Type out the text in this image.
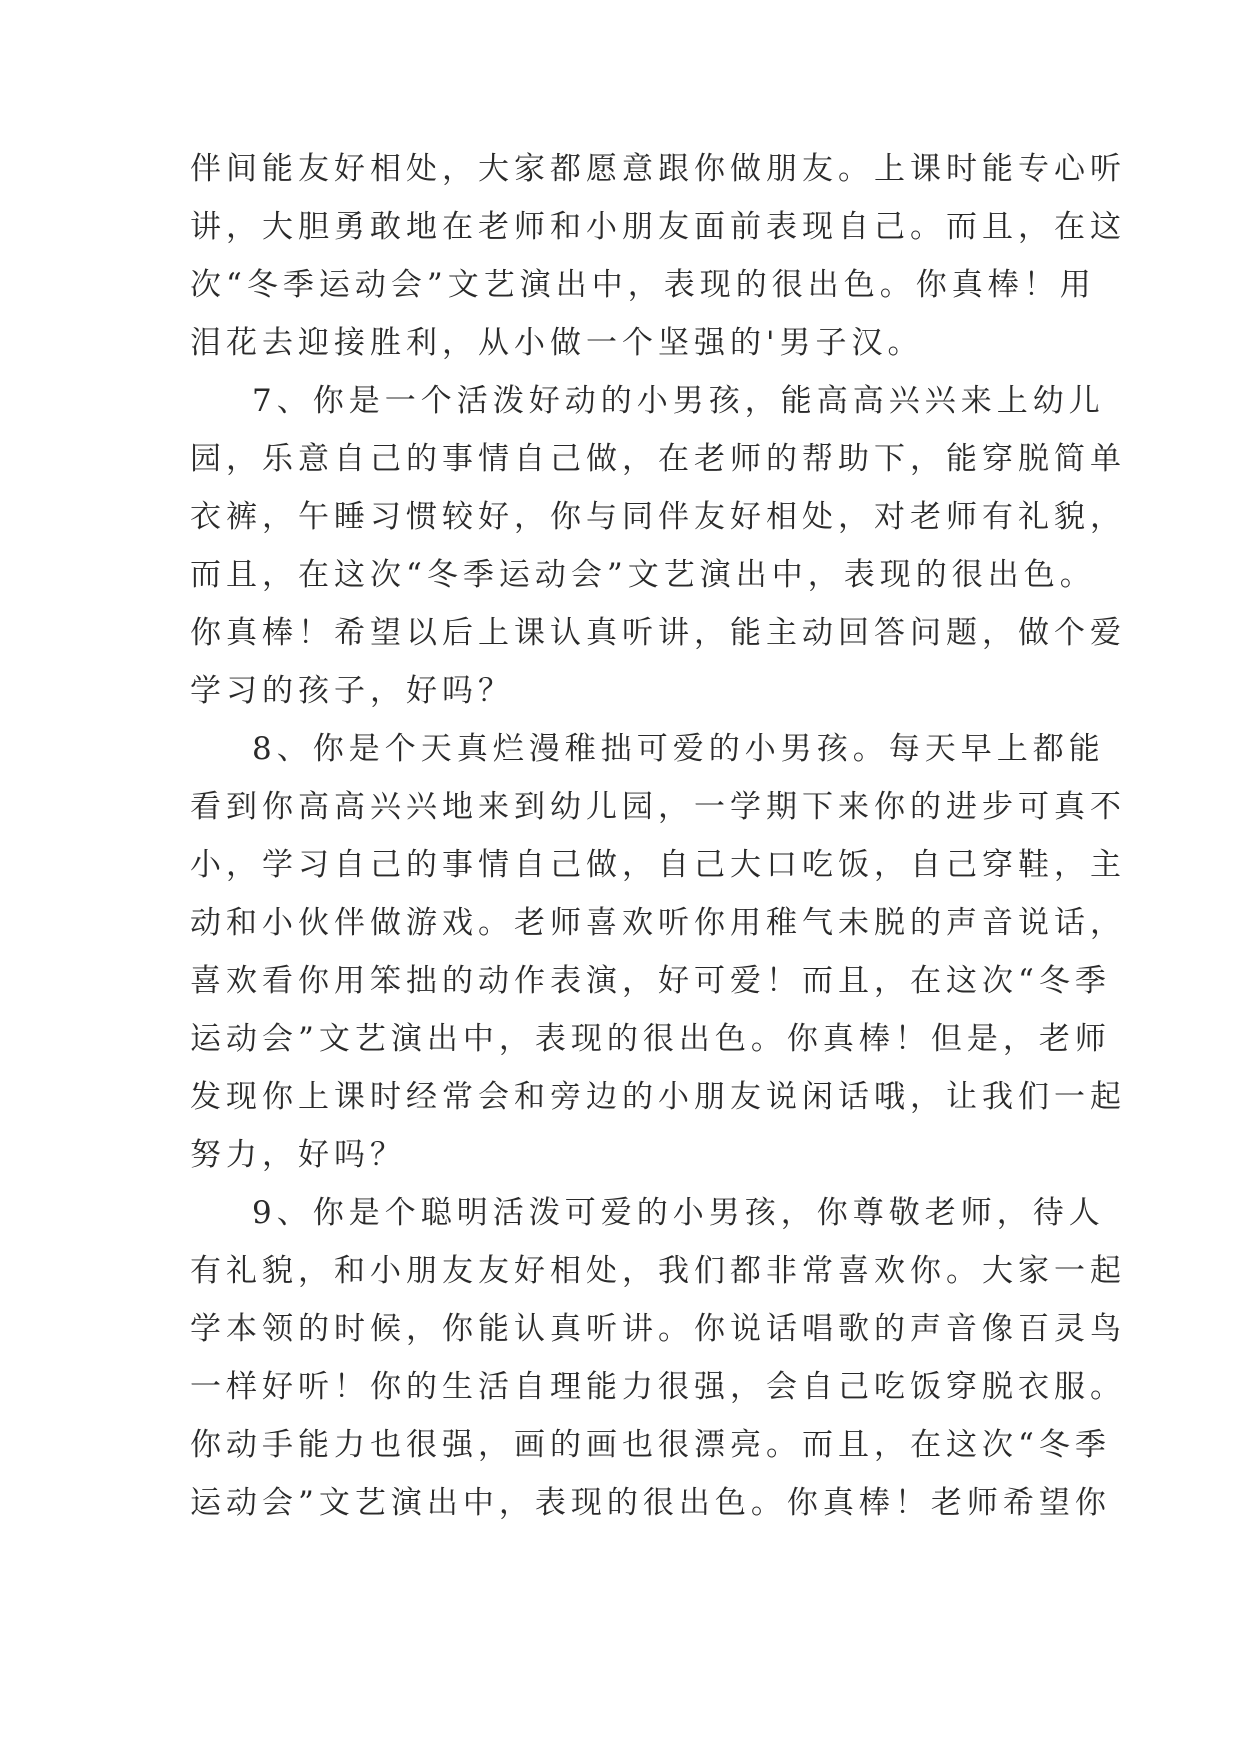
伴间能友好相处，大家都愿意跟你做朋友。上课时能专心听
讲，大胆勇敢地在老师和小朋友面前表现自己。而且，在这
次“冬季运动会”文艺演出中，表现的很出色。你真棒！用
泪花去迎接胜利，从小做一个坚强的'男子汉。
7、你是一个活泼好动的小男孩，能高高兴兴来上幼儿
园，乐意自己的事情自己做，在老师的帮助下，能穿脱简单
衣裤，午睡习惯较好，你与同伴友好相处，对老师有礼貌，
而且，在这次“冬季运动会”文艺演出中，表现的很出色。
你真棒！希望以后上课认真听讲，能主动回答问题，做个爱
学习的孩子，好吗？
8、你是个天真烂漫稚拙可爱的小男孩。每天早上都能
看到你高高兴兴地来到幼儿园，一学期下来你的进步可真不
小，学习自己的事情自己做，自己大口吃饭，自己穿鞋，主
动和小伙伴做游戏。老师喜欢听你用稚气未脱的声音说话，
喜欢看你用笨拙的动作表演，好可爱！而且，在这次“冬季
运动会”文艺演出中，表现的很出色。你真棒！但是，老师
发现你上课时经常会和旁边的小朋友说闲话哦，让我们一起
努力，好吗？
9、你是个聪明活泼可爱的小男孩，你尊敬老师，待人
有礼貌，和小朋友友好相处，我们都非常喜欢你。大家一起
学本领的时候，你能认真听讲。你说话唱歌的声音像百灵鸟
一样好听！你的生活自理能力很强，会自己吃饭穿脱衣服。
你动手能力也很强，画的画也很漂亮。而且，在这次“冬季
运动会”文艺演出中，表现的很出色。你真棒！老师希望你
